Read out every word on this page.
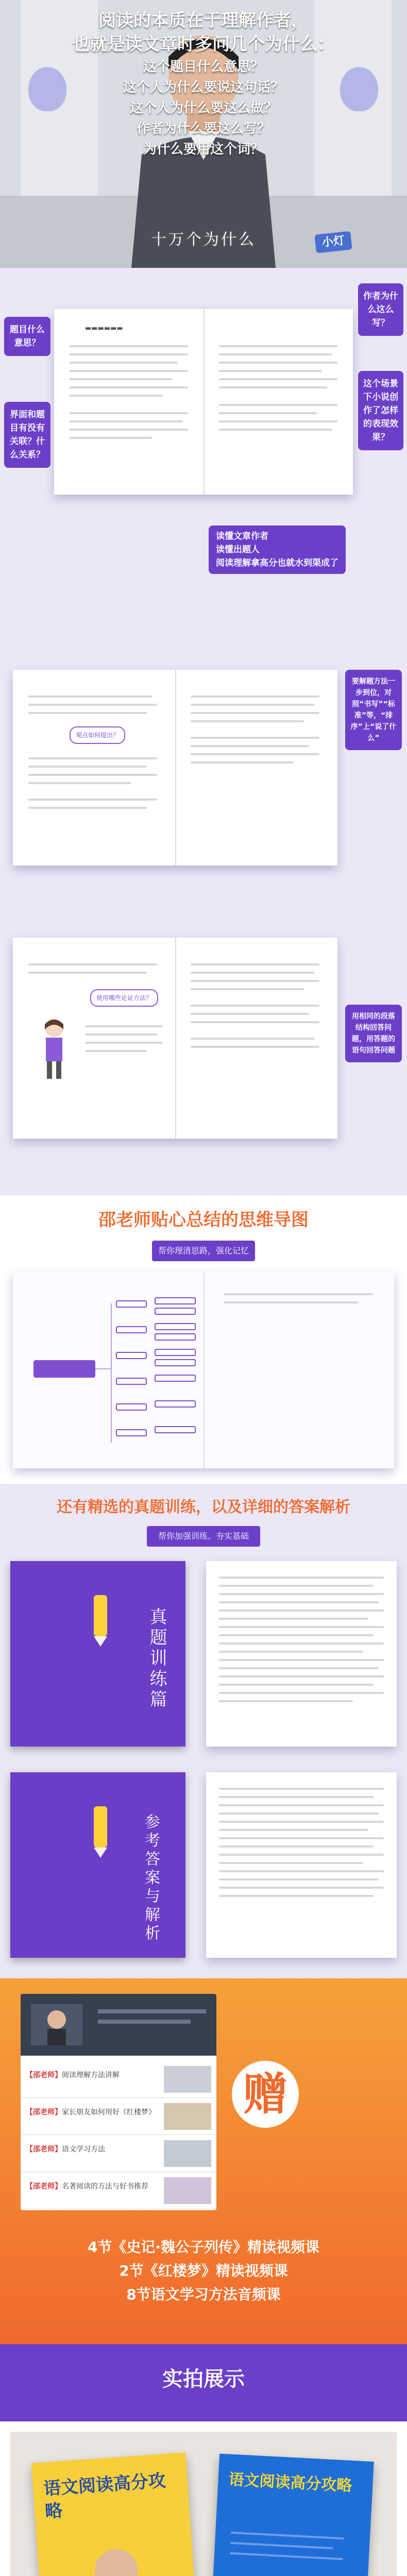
阅读的本质在于理解作者，
也就是读文章时多问几个为什么：
这个题目什么意思？
这个人为什么要说这句话？
这个人为什么要这么做？
作者为什么要这么写？
为什么要用这个词？
十万个为什么	小灯
▬▬▬▬▬▬
题目什么意思？
界面和题目有没有关联？什么关系？
作者为什么这么写？
这个场景下小说创作了怎样的表现效果？
读懂文章作者
读懂出题人
阅读理解拿高分也就水到渠成了
观点如何提出？
要解题方法一步到位，对照“书写”“标准”等，“排序”上“说了什么”
使用哪些论证方法？
用相同的段落结构回答问题，用答题的语句回答问题
邵老师贴心总结的思维导图
帮你理清思路，强化记忆
还有精选的真题训练，以及详细的答案解析
帮你加强训练、夯实基础
真题训练篇
参考答案与解析
【邵老师】阅读理解方法讲解
【邵老师】家长朋友如何用好《红楼梦》
【邵老师】语文学习方法
【邵老师】名著阅读的方法与好书推荐
赠
4节《史记·魏公子列传》精读视频课
2节《红楼梦》精读视频课
8节语文学习方法音频课
实拍展示
语文阅读高分攻略
语文阅读高分攻略
